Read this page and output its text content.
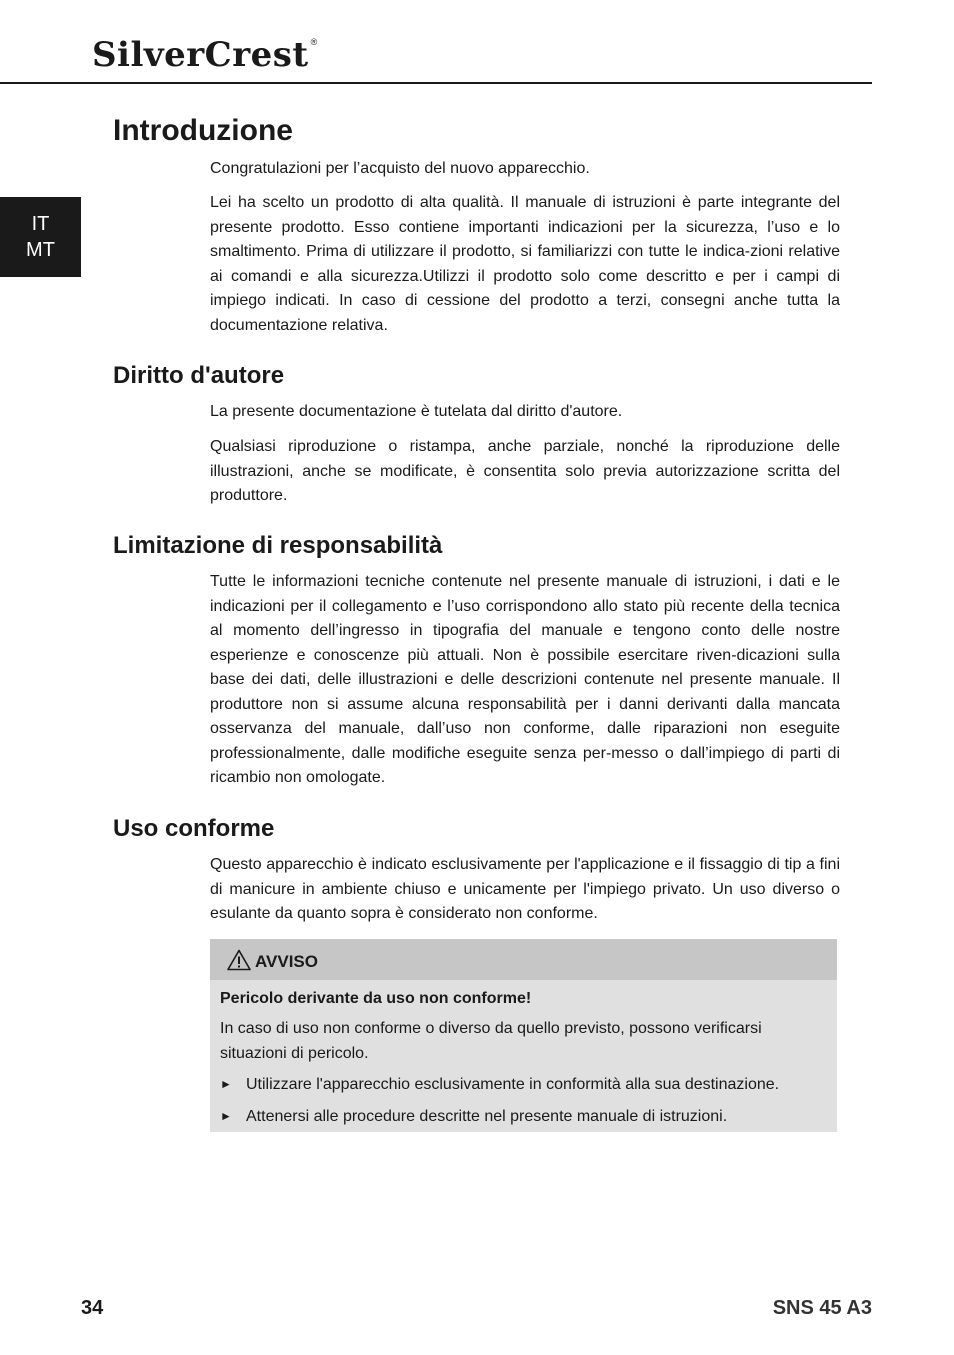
SilverCrest ®
IT
MT
Introduzione

Congratulazioni per l’acquisto del nuovo apparecchio.

Lei ha scelto un prodotto di alta qualità. Il manuale di istruzioni è parte integrante del presente prodotto. Esso contiene importanti indicazioni per la sicurezza, l’uso e lo smaltimento. Prima di utilizzare il prodotto, si familiarizzi con tutte le indica-zioni relative ai comandi e alla sicurezza.Utilizzi il prodotto solo come descritto e per i campi di impiego indicati. In caso di cessione del prodotto a terzi, consegni anche tutta la documentazione relativa.

Diritto d'autore

La presente documentazione è tutelata dal diritto d'autore.

Qualsiasi riproduzione o ristampa, anche parziale, nonché la riproduzione delle illustrazioni, anche se modificate, è consentita solo previa autorizzazione scritta del produttore.

Limitazione di responsabilità

Tutte le informazioni tecniche contenute nel presente manuale di istruzioni, i dati e le indicazioni per il collegamento e l’uso corrispondono allo stato più recente della tecnica al momento dell’ingresso in tipografia del manuale e tengono conto delle nostre esperienze e conoscenze più attuali. Non è possibile esercitare riven-dicazioni sulla base dei dati, delle illustrazioni e delle descrizioni contenute nel presente manuale. Il produttore non si assume alcuna responsabilità per i danni derivanti dalla mancata osservanza del manuale, dall’uso non conforme, dalle riparazioni non eseguite professionalmente, dalle modifiche eseguite senza per-messo o dall’impiego di parti di ricambio non omologate.

Uso conforme

Questo apparecchio è indicato esclusivamente per l'applicazione e il fissaggio di tip a fini di manicure in ambiente chiuso e unicamente per l'impiego privato. Un uso diverso o esulante da quanto sopra è considerato non conforme.

AVVISO
Pericolo derivante da uso non conforme!
In caso di uso non conforme o diverso da quello previsto, possono verificarsi situazioni di pericolo.
► Utilizzare l'apparecchio esclusivamente in conformità alla sua destinazione.
► Attenersi alle procedure descritte nel presente manuale di istruzioni.
34	SNS 45 A3
